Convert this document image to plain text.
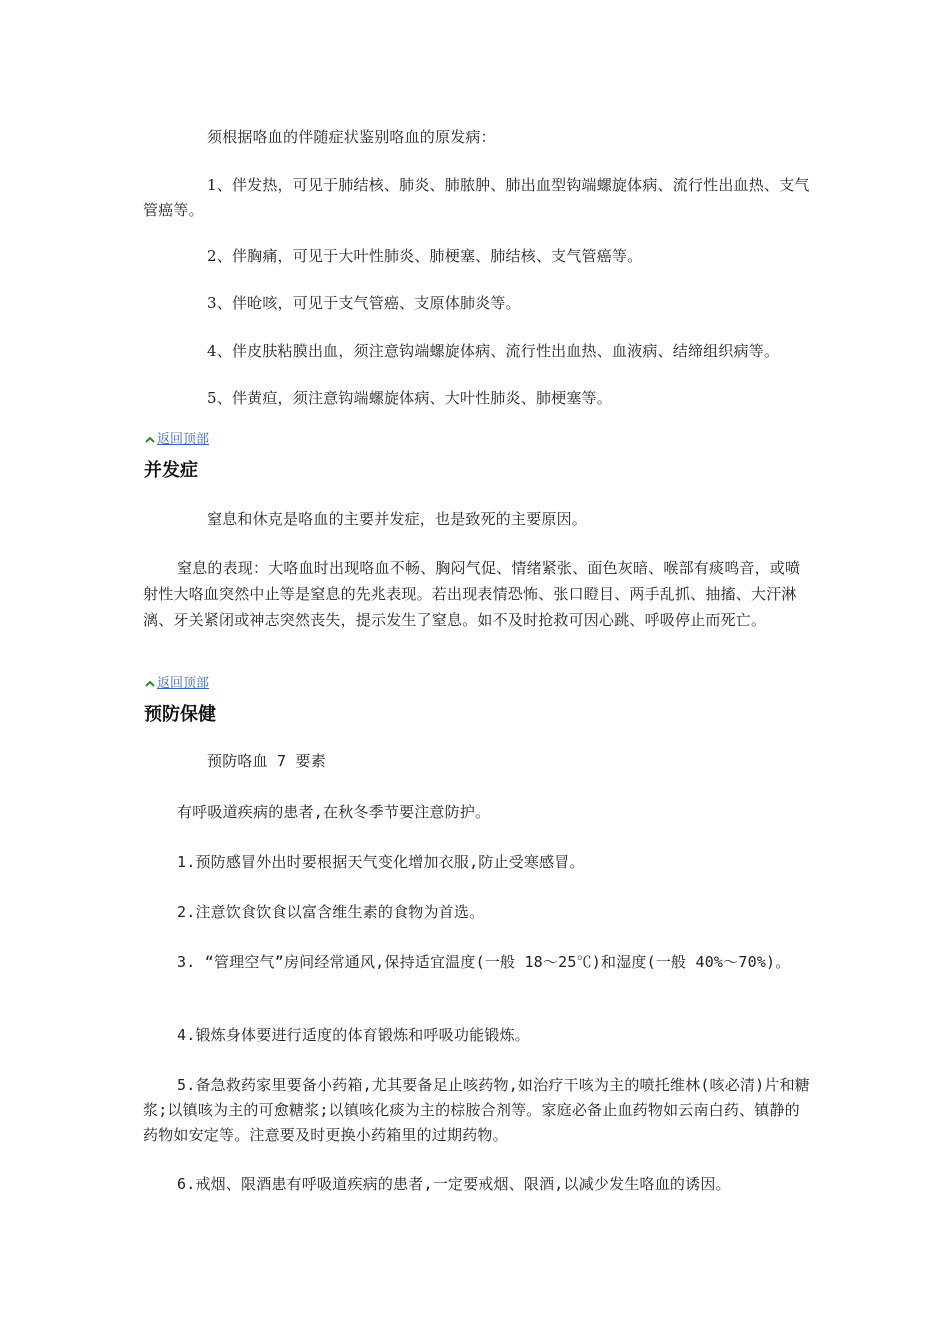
须根据咯血的伴随症状鉴别咯血的原发病：

1、伴发热，可见于肺结核、肺炎、肺脓肿、肺出血型钩端螺旋体病、流行性出血热、支气管癌等。

2、伴胸痛，可见于大叶性肺炎、肺梗塞、肺结核、支气管癌等。

3、伴呛咳，可见于支气管癌、支原体肺炎等。

4、伴皮肤粘膜出血，须注意钩端螺旋体病、流行性出血热、血液病、结缔组织病等。

5、伴黄疸，须注意钩端螺旋体病、大叶性肺炎、肺梗塞等。

返回顶部
并发症

窒息和休克是咯血的主要并发症，也是致死的主要原因。

窒息的表现：大咯血时出现咯血不畅、胸闷气促、情绪紧张、面色灰暗、喉部有痰鸣音，或喷射性大咯血突然中止等是窒息的先兆表现。若出现表情恐怖、张口瞪目、两手乱抓、抽搐、大汗淋漓、牙关紧闭或神志突然丧失，提示发生了窒息。如不及时抢救可因心跳、呼吸停止而死亡。

返回顶部
预防保健

预防咯血 7 要素

有呼吸道疾病的患者,在秋冬季节要注意防护。

1.预防感冒外出时要根据天气变化增加衣服,防止受寒感冒。

2.注意饮食饮食以富含维生素的食物为首选。

3. “管理空气”房间经常通风,保持适宜温度(一般 18～25℃)和湿度(一般 40%～70%)。

4.锻炼身体要进行适度的体育锻炼和呼吸功能锻炼。

5.备急救药家里要备小药箱,尤其要备足止咳药物,如治疗干咳为主的喷托维林(咳必清)片和糖浆;以镇咳为主的可愈糖浆;以镇咳化痰为主的棕胺合剂等。家庭必备止血药物如云南白药、镇静的药物如安定等。注意要及时更换小药箱里的过期药物。

6.戒烟、限酒患有呼吸道疾病的患者,一定要戒烟、限酒,以减少发生咯血的诱因。
